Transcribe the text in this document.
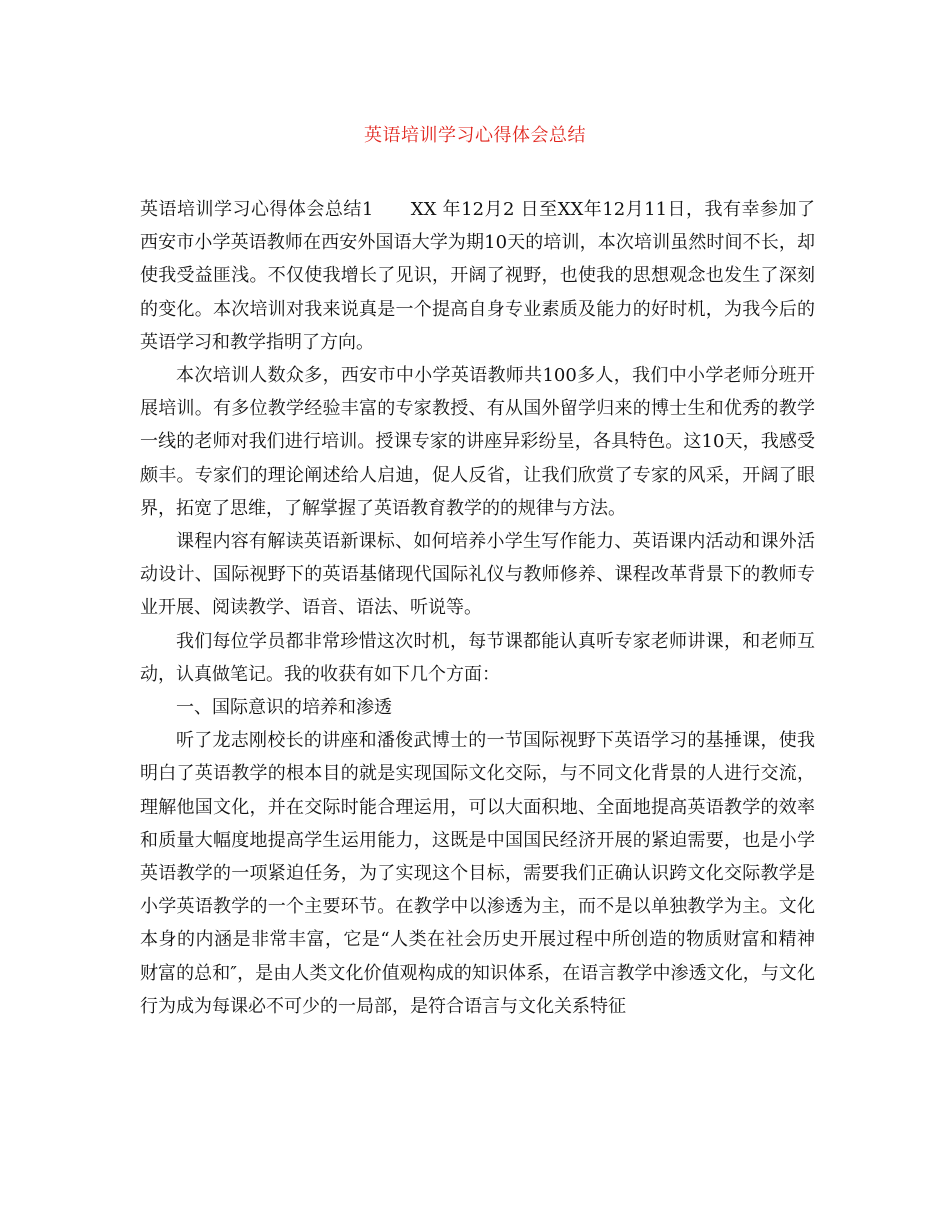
英语培训学习心得体会总结

英语培训学习心得体会总结1　　XX 年12月2 日至XX年12月11日，我有幸参加了西安市小学英语教师在西安外国语大学为期10天的培训，本次培训虽然时间不长，却使我受益匪浅。不仅使我增长了见识，开阔了视野，也使我的思想观念也发生了深刻的变化。本次培训对我来说真是一个提高自身专业素质及能力的好时机，为我今后的英语学习和教学指明了方向。

本次培训人数众多，西安市中小学英语教师共100多人，我们中小学老师分班开展培训。有多位教学经验丰富的专家教授、有从国外留学归来的博士生和优秀的教学一线的老师对我们进行培训。授课专家的讲座异彩纷呈，各具特色。这10天，我感受颇丰。专家们的理论阐述给人启迪，促人反省，让我们欣赏了专家的风采，开阔了眼界，拓宽了思维，了解掌握了英语教育教学的的规律与方法。

课程内容有解读英语新课标、如何培养小学生写作能力、英语课内活动和课外活动设计、国际视野下的英语基储现代国际礼仪与教师修养、课程改革背景下的教师专业开展、阅读教学、语音、语法、听说等。

我们每位学员都非常珍惜这次时机，每节课都能认真听专家老师讲课，和老师互动，认真做笔记。我的收获有如下几个方面：

一、国际意识的培养和渗透

听了龙志刚校长的讲座和潘俊武博士的一节国际视野下英语学习的基捶课，使我明白了英语教学的根本目的就是实现国际文化交际，与不同文化背景的人进行交流，理解他国文化，并在交际时能合理运用，可以大面积地、全面地提高英语教学的效率和质量大幅度地提高学生运用能力，这既是中国国民经济开展的紧迫需要，也是小学英语教学的一项紧迫任务，为了实现这个目标，需要我们正确认识跨文化交际教学是小学英语教学的一个主要环节。在教学中以渗透为主，而不是以单独教学为主。文化本身的内涵是非常丰富，它是“人类在社会历史开展过程中所创造的物质财富和精神财富的总和″，是由人类文化价值观构成的知识体系，在语言教学中渗透文化，与文化行为成为每课必不可少的一局部，是符合语言与文化关系特征
